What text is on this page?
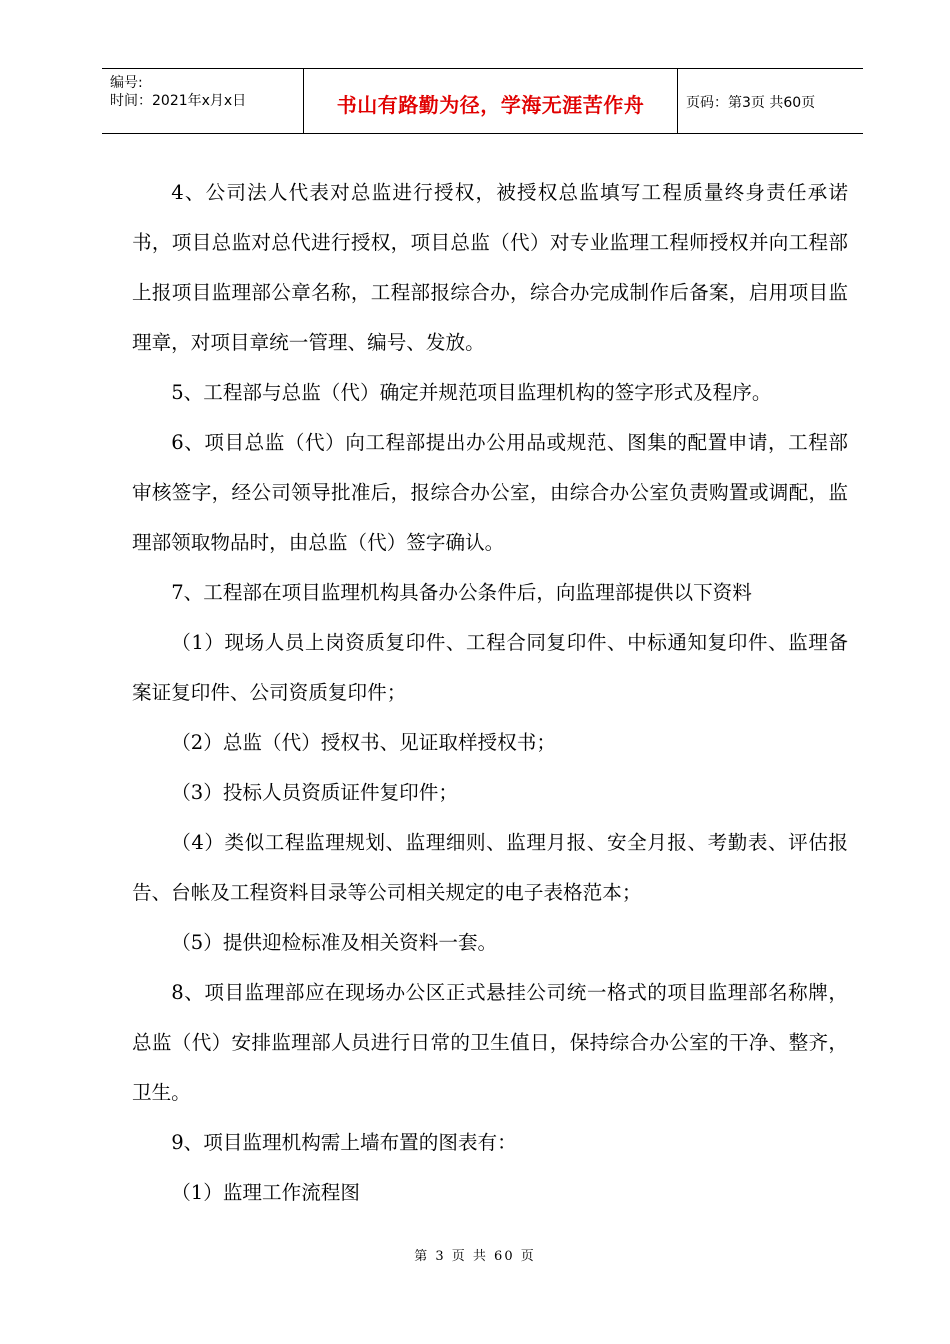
编号:
时间：2021年x月x日	书山有路勤为径，学海无涯苦作舟	页码：第3页 共60页

4、公司法人代表对总监进行授权，被授权总监填写工程质量终身责任承诺书，项目总监对总代进行授权，项目总监（代）对专业监理工程师授权并向工程部上报项目监理部公章名称，工程部报综合办，综合办完成制作后备案，启用项目监理章，对项目章统一管理、编号、发放。

5、工程部与总监（代）确定并规范项目监理机构的签字形式及程序。

6、项目总监（代）向工程部提出办公用品或规范、图集的配置申请，工程部审核签字，经公司领导批准后，报综合办公室，由综合办公室负责购置或调配，监理部领取物品时，由总监（代）签字确认。

7、工程部在项目监理机构具备办公条件后，向监理部提供以下资料

（1）现场人员上岗资质复印件、工程合同复印件、中标通知复印件、监理备案证复印件、公司资质复印件；

（2）总监（代）授权书、见证取样授权书；

（3）投标人员资质证件复印件；

（4）类似工程监理规划、监理细则、监理月报、安全月报、考勤表、评估报告、台帐及工程资料目录等公司相关规定的电子表格范本；

（5）提供迎检标准及相关资料一套。

8、项目监理部应在现场办公区正式悬挂公司统一格式的项目监理部名称牌，总监（代）安排监理部人员进行日常的卫生值日，保持综合办公室的干净、整齐，卫生。

9、项目监理机构需上墙布置的图表有：

（1）监理工作流程图

第 3 页 共 60 页
